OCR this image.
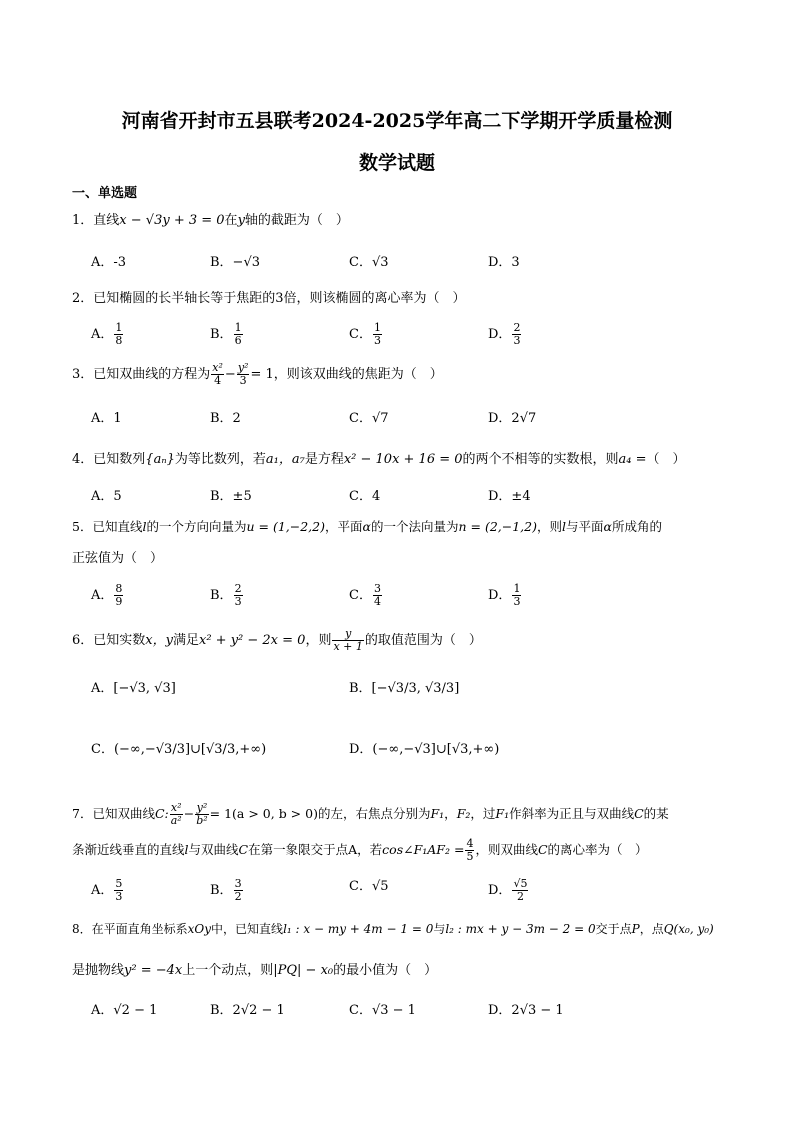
河南省开封市五县联考2024-2025学年高二下学期开学质量检测
数学试题
一、单选题
1．直线x − √3y + 3 = 0在y轴的截距为（　）
A．-3	B．−√3	C．√3	D．3
2．已知椭圆的长半轴长等于焦距的3倍，则该椭圆的离心率为（　）
A． $\frac{1}{8}$	B． $\frac{1}{6}$	C． $\frac{1}{3}$	D． $\frac{2}{3}$
3．已知双曲线的方程为 $\frac{\text{x²}}{4} - \frac{\text{y²}}{3} = 1$，则该双曲线的焦距为（　）
A．1	B．2	C．√7	D．2√7
4．已知数列{aₙ}为等比数列，若a₁，a₇是方程x² − 10x + 16 = 0的两个不相等的实数根，则a₄ =（　）
A．5	B．±5	C．4	D．±4
5．已知直线l的一个方向向量为u = (1,−2,2)，平面α的一个法向量为n = (2,−1,2)，则l与平面α所成角的
正弦值为（　）
A． $\frac{8}{9}$	B． $\frac{2}{3}$	C． $\frac{3}{4}$	D． $\frac{1}{3}$
6．已知实数x，y满足x² + y² − 2x = 0，则 $\frac{y}{x + 1}$ 的取值范围为（　）
A．[−√3, √3]	B．[−√3/3, √3/3]
C．(−∞,−√3/3]∪[√3/3,+∞)	D．(−∞,−√3]∪[√3,+∞)
7．已知双曲线C: $\frac{\text{x²}}{\text{a²}} - \frac{\text{y²}}{\text{b²}} = 1(a > 0$, b > 0)的左，右焦点分别为F₁，F₂，过F₁作斜率为正且与双曲线C的某
条渐近线垂直的直线l与双曲线C在第一象限交于点A，若cos∠F₁AF₂ = $\frac{4}{5}$ ，则双曲线C的离心率为（　）
A． $\frac{5}{3}$	B． $\frac{3}{2}$	C．√5	D． $\frac{√5}{2}$
8．在平面直角坐标系xOy中，已知直线l₁ : x − my + 4m − 1 = 0与l₂ : mx + y − 3m − 2 = 0交于点P，点Q(x₀, y₀)
是抛物线y² = −4x上一个动点，则|PQ| − x₀的最小值为（　）
A．√2 − 1	B．2√2 − 1	C．√3 − 1	D．2√3 − 1
